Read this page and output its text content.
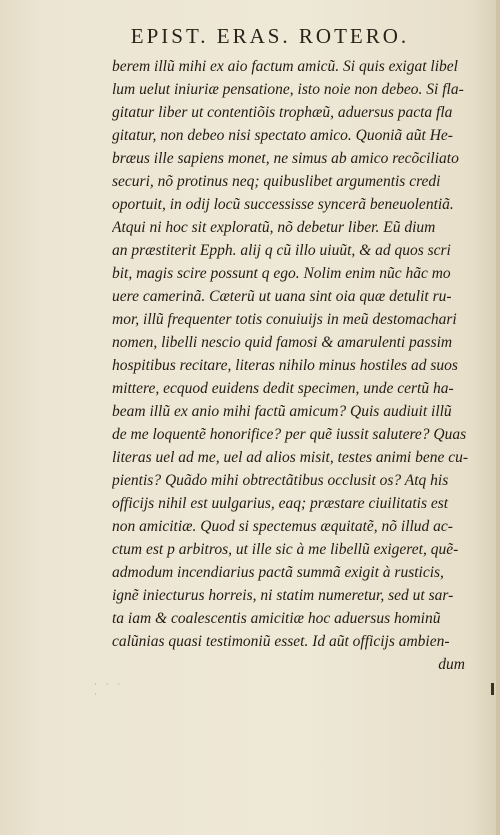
EPIST. ERAS. ROTERO.
berem illũ mihi ex aio factum amicũ. Si quis exigat libel
lum uelut iniuriæ pensatione, isto noie non debeo. Si fla-
gitatur liber ut contentiõis trophæũ, aduersus pacta fla
gitatur, non debeo nisi spectato amico. Quoniã aũt He-
bræus ille sapiens monet, ne simus ab amico recõciliato
securi, nõ protinus neq; quibuslibet argumentis credi
oportuit, in odij locũ successisse syncerã beneuolentiã.
Atqui ni hoc sit exploratũ, nõ debetur liber. Eũ dium
an præstiterit Epph. alij q cũ illo uiuũt, & ad quos scri
bit, magis scire possunt q ego. Nolim enim nũc hãc mo
uere camerinã. Cæterũ ut uana sint oia quæ detulit ru-
mor, illũ frequenter totis conuiuijs in meũ destomachari
nomen, libelli nescio quid famosi & amarulenti passim
hospitibus recitare, literas nihilo minus hostiles ad suos
mittere, ecquod euidens dedit specimen, unde certũ ha-
beam illũ ex anio mihi factũ amicum? Quis audiuit illũ
de me loquentẽ honorifice? per quẽ iussit salutere? Quas
literas uel ad me, uel ad alios misit, testes animi bene cu-
pientis? Quãdo mihi obtrectãtibus occlusit os? Atq his
officijs nihil est uulgarius, eaq; præstare ciuilitatis est
non amicitiæ. Quod si spectemus æquitatẽ, nõ illud ac-
ctum est p arbitros, ut ille sic à me libellũ exigeret, quẽ-
admodum incendiarius pactã summã exigit à rusticis,
ignẽ iniecturus horreis, ni statim numeretur, sed ut sar-
ta iam & coalescentis amicitiæ hoc aduersus hominũ
calũnias quasi testimoniũ esset. Id aũt officijs ambien-
dum
· · · ·
